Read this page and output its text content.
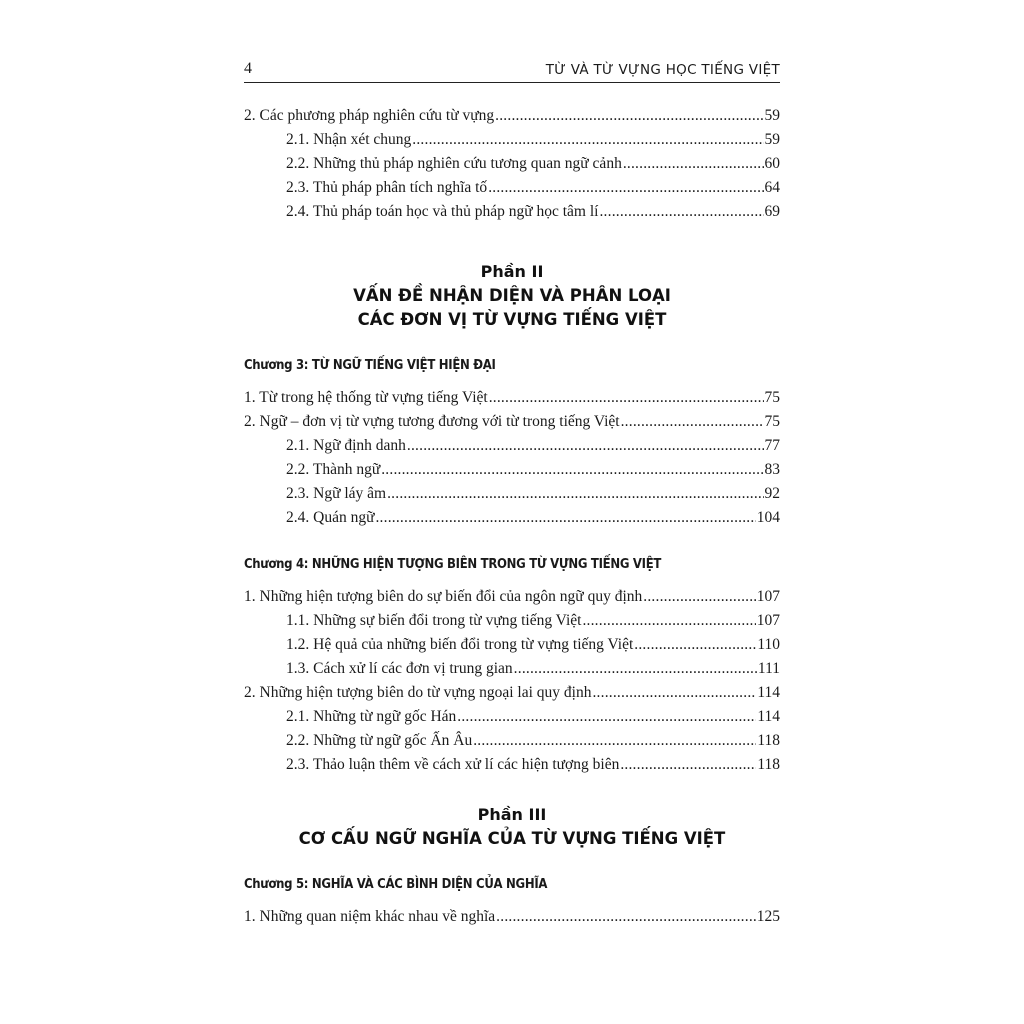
4	TỪ VÀ TỪ VỰNG HỌC TIẾNG VIỆT
2. Các phương pháp nghiên cứu từ vựng .....	59
2.1. Nhận xét chung .....	59
2.2. Những thủ pháp nghiên cứu tương quan ngữ cảnh .....	60
2.3. Thủ pháp phân tích nghĩa tố .....	64
2.4. Thủ pháp toán học và thủ pháp ngữ học tâm lí .....	69
Phần II
VẤN ĐỀ NHẬN DIỆN VÀ PHÂN LOẠI
CÁC ĐƠN VỊ TỪ VỰNG TIẾNG VIỆT
Chương 3: TỪ NGỮ TIẾNG VIỆT HIỆN ĐẠI
1. Từ trong hệ thống từ vựng tiếng Việt .....	75
2. Ngữ – đơn vị từ vựng tương đương với từ trong tiếng Việt .....	75
2.1. Ngữ định danh .....	77
2.2. Thành ngữ .....	83
2.3. Ngữ láy âm .....	92
2.4. Quán ngữ .....	104
Chương 4: NHỮNG HIỆN TƯỢNG BIÊN TRONG TỪ VỰNG TIẾNG VIỆT
1. Những hiện tượng biên do sự biến đổi của ngôn ngữ quy định .....	107
1.1. Những sự biến đổi trong từ vựng tiếng Việt .....	107
1.2. Hệ quả của những biến đổi trong từ vựng tiếng Việt .....	110
1.3. Cách xử lí các đơn vị trung gian .....	111
2. Những hiện tượng biên do từ vựng ngoại lai quy định .....	114
2.1. Những từ ngữ gốc Hán .....	114
2.2. Những từ ngữ gốc Ấn Âu .....	118
2.3. Thảo luận thêm về cách xử lí các hiện tượng biên .....	118
Phần III
CƠ CẤU NGỮ NGHĨA CỦA TỪ VỰNG TIẾNG VIỆT
Chương 5: NGHĨA VÀ CÁC BÌNH DIỆN CỦA NGHĨA
1. Những quan niệm khác nhau về nghĩa .....	125
